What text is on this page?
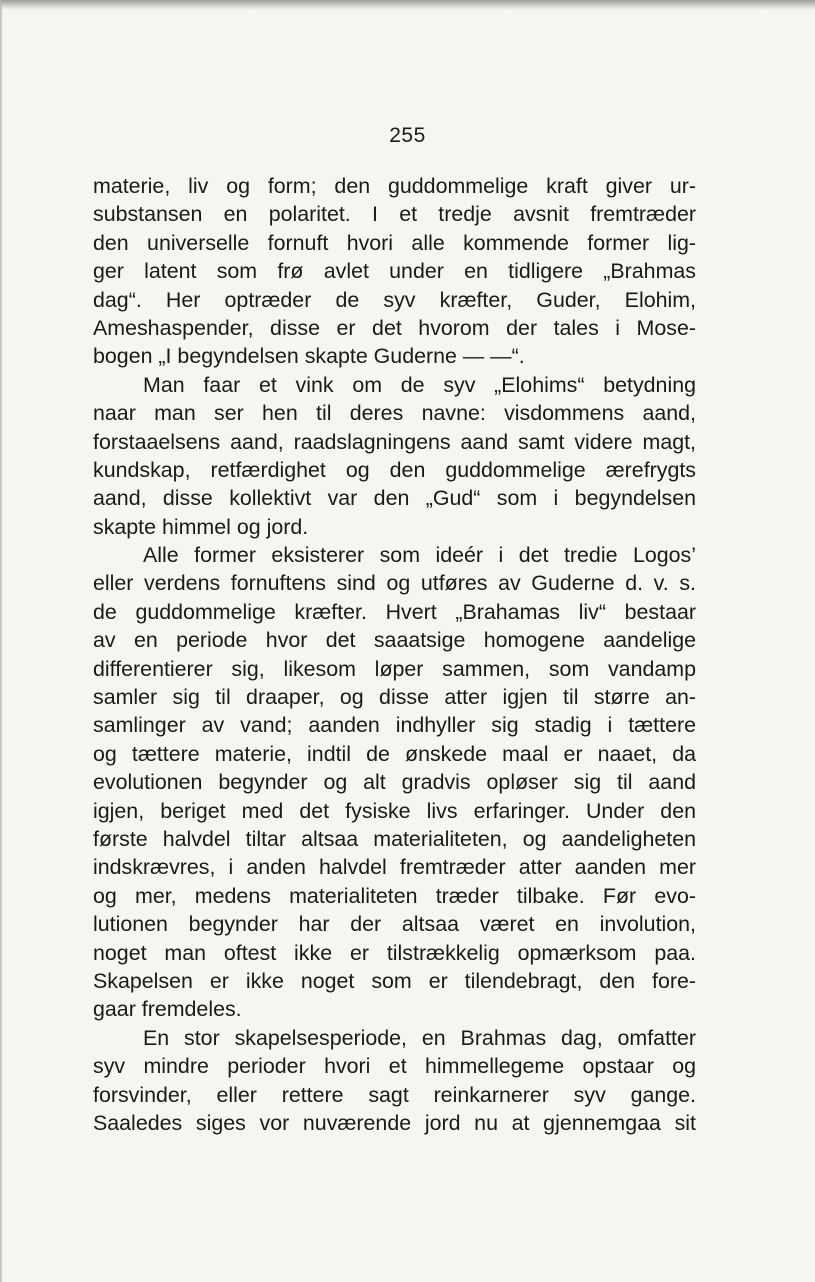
255
materie, liv og form; den guddommelige kraft giver ur-
substansen en polaritet. I et tredje avsnit fremtræder
den universelle fornuft hvori alle kommende former lig-
ger latent som frø avlet under en tidligere „Brahmas
dag“. Her optræder de syv kræfter, Guder, Elohim,
Ameshaspender, disse er det hvorom der tales i Mose-
bogen „I begyndelsen skapte Guderne — —“.
Man faar et vink om de syv „Elohims“ betydning
naar man ser hen til deres navne: visdommens aand,
forstaaelsens aand, raadslagningens aand samt videre magt,
kundskap, retfærdighet og den guddommelige ærefrygts
aand, disse kollektivt var den „Gud“ som i begyndelsen
skapte himmel og jord.
Alle former eksisterer som ideér i det tredie Logos’
eller verdens fornuftens sind og utføres av Guderne d. v. s.
de guddommelige kræfter. Hvert „Brahamas liv“ bestaar
av en periode hvor det saaatsige homogene aandelige
differentierer sig, likesom løper sammen, som vandamp
samler sig til draaper, og disse atter igjen til større an-
samlinger av vand; aanden indhyller sig stadig i tættere
og tættere materie, indtil de ønskede maal er naaet, da
evolutionen begynder og alt gradvis opløser sig til aand
igjen, beriget med det fysiske livs erfaringer. Under den
første halvdel tiltar altsaa materialiteten, og aandeligheten
indskrævres, i anden halvdel fremtræder atter aanden mer
og mer, medens materialiteten træder tilbake. Før evo-
lutionen begynder har der altsaa været en involution,
noget man oftest ikke er tilstrækkelig opmærksom paa.
Skapelsen er ikke noget som er tilendebragt, den fore-
gaar fremdeles.
En stor skapelsesperiode, en Brahmas dag, omfatter
syv mindre perioder hvori et himmellegeme opstaar og
forsvinder, eller rettere sagt reinkarnerer syv gange.
Saaledes siges vor nuværende jord nu at gjennemgaa sit
